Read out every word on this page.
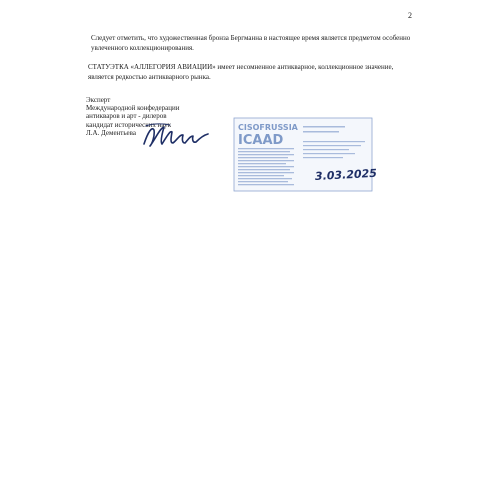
2
Следует отметить, что художественная бронза Бергманна в настоящее время является предметом особенно увлеченного коллекционирования.
СТАТУЭТКА «АЛЛЕГОРИЯ АВИАЦИИ» имеет несомненное антикварное, коллекционное значение, является редкостью антикварного рынка.
Эксперт
Международной конфедерации
антикваров и арт - дилеров
кандидат исторических наук
Л.А. Дементьева
CISOFRUSSIA
ICAAD
3.03.2025
